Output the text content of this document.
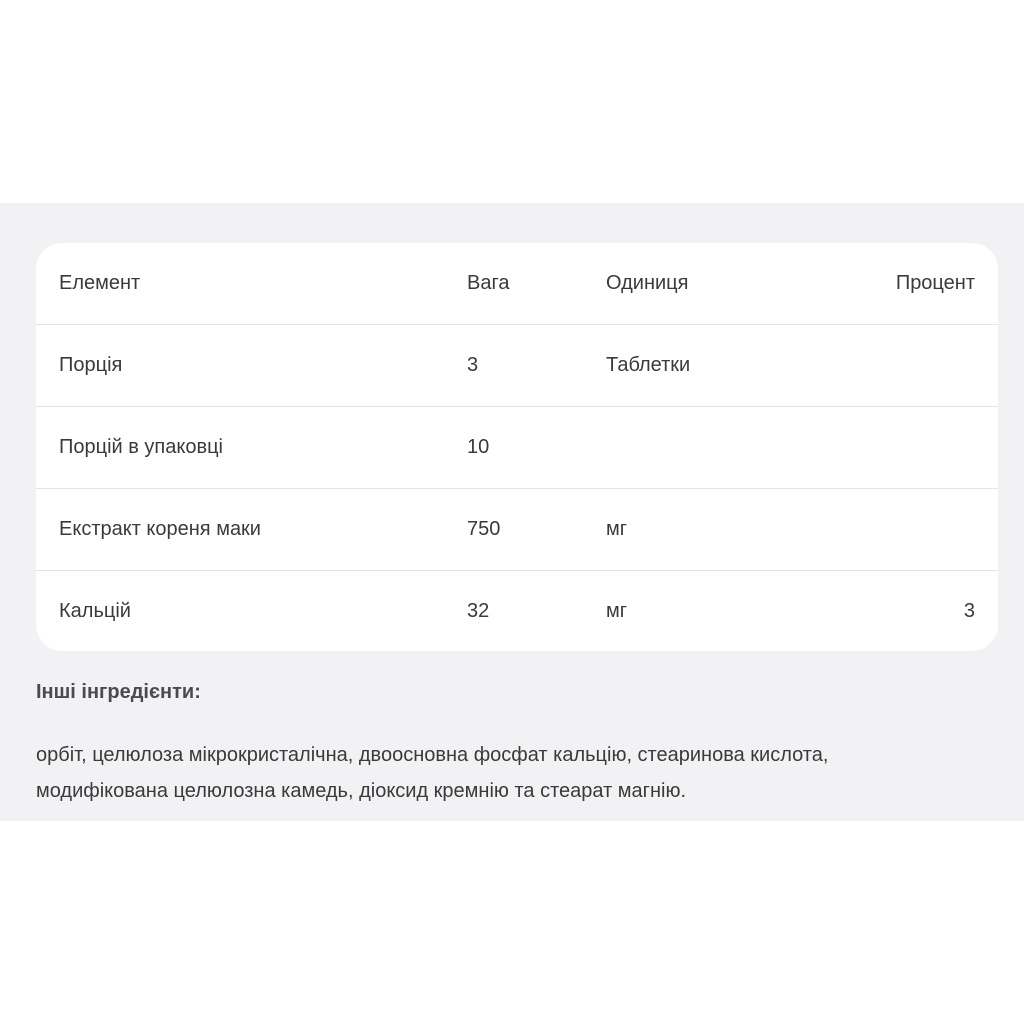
Елемент	Вага	Одиниця	Процент
Порція	3	Таблетки
Порцій в упаковці	10
Екстракт кореня маки	750	мг
Кальцій	32	мг	3
Інші інгредієнти:
орбіт, целюлоза мікрокристалічна, двоосновна фосфат кальцію, стеаринова кислота,
модифікована целюлозна камедь, діоксид кремнію та стеарат магнію.
